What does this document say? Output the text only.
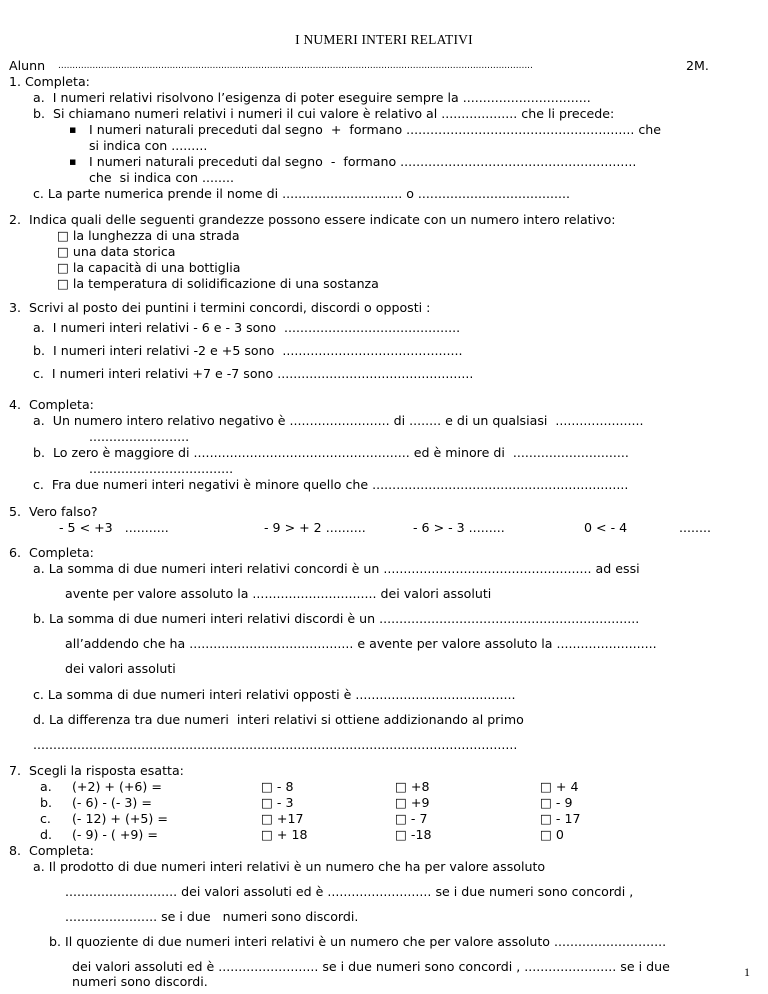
I NUMERI INTERI RELATIVI
Alunn ......................................................................................................................................................................	2M.
1. Completa:
a.  I numeri relativi risolvono l’esigenza di poter eseguire sempre la ................................
b.  Si chiamano numeri relativi i numeri il cui valore è relativo al ................... che li precede:
▪ I numeri naturali preceduti dal segno  +  formano ......................................................... che
si indica con .........
▪ I numeri naturali preceduti dal segno  -  formano ...........................................................
che  si indica con ........
c. La parte numerica prende il nome di .............................. o ......................................
2.  Indica quali delle seguenti grandezze possono essere indicate con un numero intero relativo:
□ la lunghezza di una strada
□ una data storica
□ la capacità di una bottiglia
□ la temperatura di solidificazione di una sostanza
3.  Scrivi al posto dei puntini i termini concordi, discordi o opposti :
a.  I numeri interi relativi - 6 e - 3 sono  ............................................
b.  I numeri interi relativi -2 e +5 sono  .............................................
c.  I numeri interi relativi +7 e -7 sono .................................................
4.  Completa:
a.  Un numero intero relativo negativo è ......................... di ........ e di un qualsiasi  ......................
.........................
b.  Lo zero è maggiore di ...................................................... ed è minore di  .............................
....................................
c.  Fra due numeri interi negativi è minore quello che ................................................................
5.  Vero falso?
- 5 < +3   ...........	- 9 > + 2 ..........	- 6 > - 3 .........	0 < - 4	........
6.  Completa:
a. La somma di due numeri interi relativi concordi è un .................................................... ad essi
avente per valore assoluto la ............................... dei valori assoluti
b. La somma di due numeri interi relativi discordi è un .................................................................
all’addendo che ha ......................................... e avente per valore assoluto la .........................
dei valori assoluti
c. La somma di due numeri interi relativi opposti è ........................................
d. La differenza tra due numeri  interi relativi si ottiene addizionando al primo
.........................................................................................................................
7.  Scegli la risposta esatta:
a. (+2) + (+6) =	□ - 8	□ +8	□ + 4
b. (- 6) - (- 3) =	□ - 3	□ +9	□ - 9
c. (- 12) + (+5) =	□ +17	□ - 7	□ - 17
d. (- 9) - ( +9) =	□ + 18	□ -18	□ 0
8.  Completa:
a. Il prodotto di due numeri interi relativi è un numero che ha per valore assoluto
............................ dei valori assoluti ed è .......................... se i due numeri sono concordi ,
....................... se i due   numeri sono discordi.
b. Il quoziente di due numeri interi relativi è un numero che per valore assoluto ............................
dei valori assoluti ed è ......................... se i due numeri sono concordi , ....................... se i due
numeri sono discordi.
1
